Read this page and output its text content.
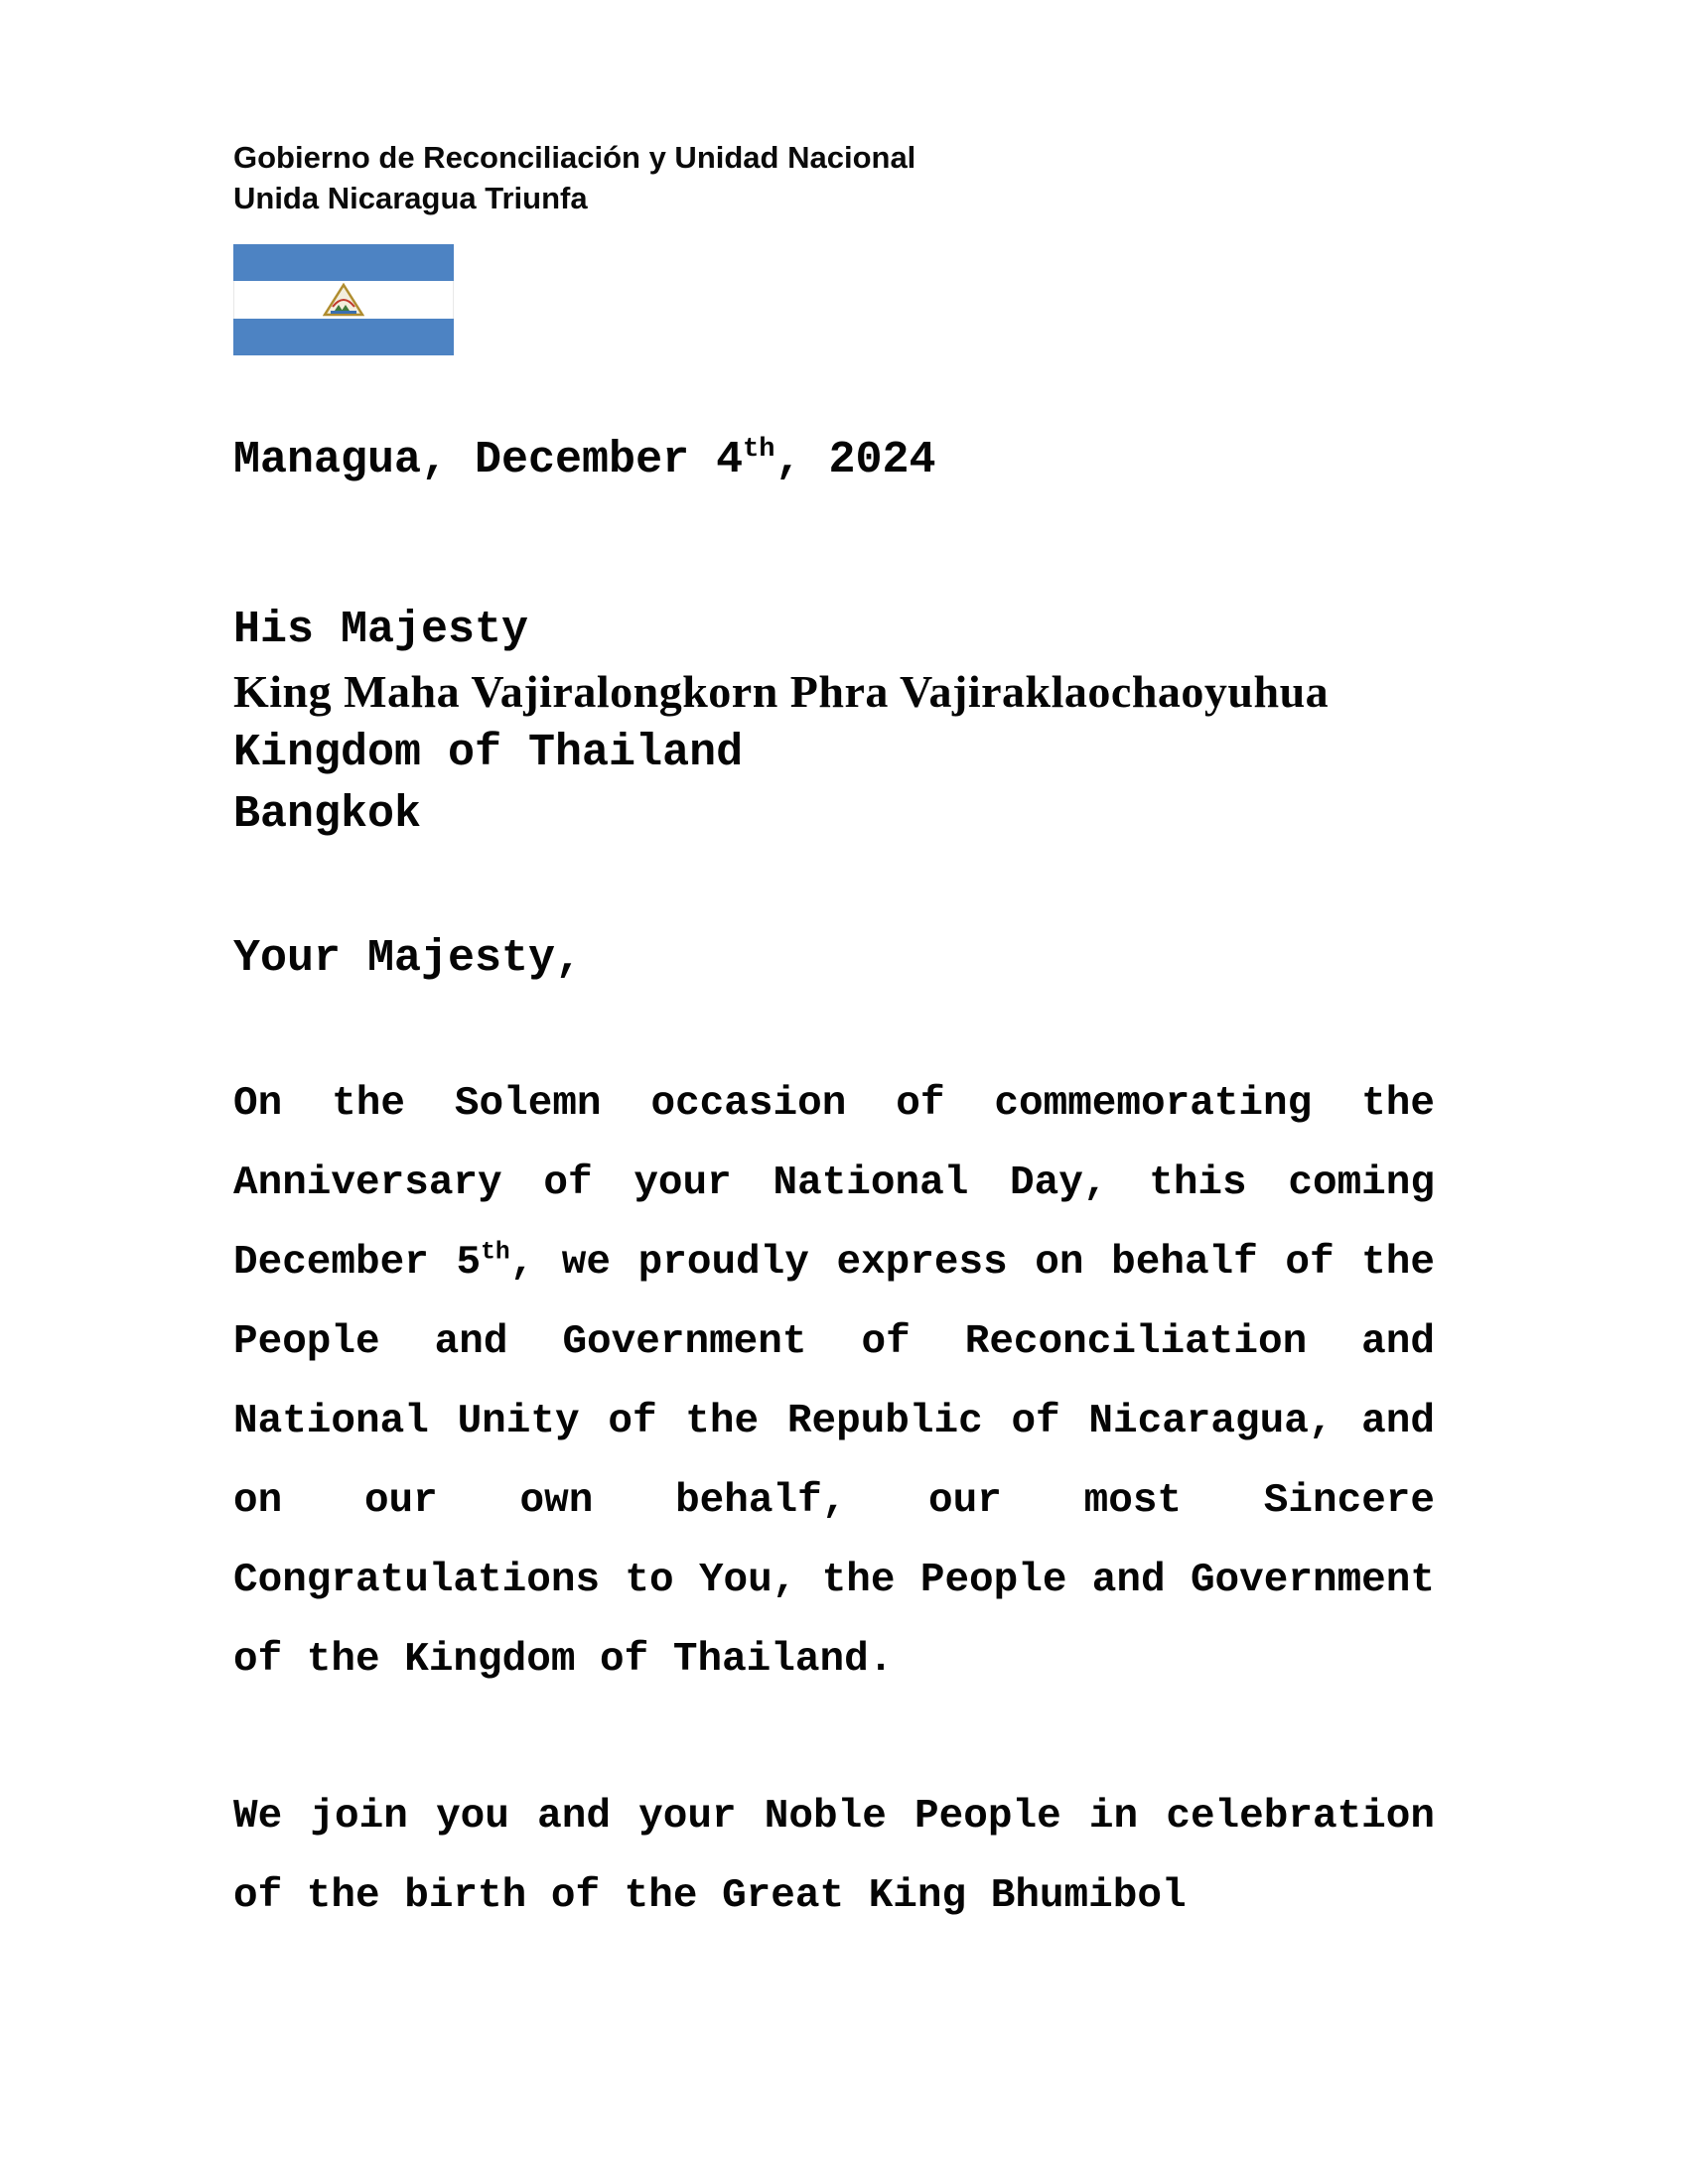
Gobierno de Reconciliación y Unidad Nacional
Unida Nicaragua Triunfa

Managua, December 4th, 2024

His Majesty
King Maha Vajiralongkorn Phra Vajiraklaochaoyuhua
Kingdom of Thailand
Bangkok

Your Majesty,

On the Solemn occasion of commemorating the Anniversary of your National Day, this coming December 5th, we proudly express on behalf of the People and Government of Reconciliation and National Unity of the Republic of Nicaragua, and on our own behalf, our most Sincere Congratulations to You, the People and Government of the Kingdom of Thailand.

We join you and your Noble People in celebration of the birth of the Great King Bhumibol
